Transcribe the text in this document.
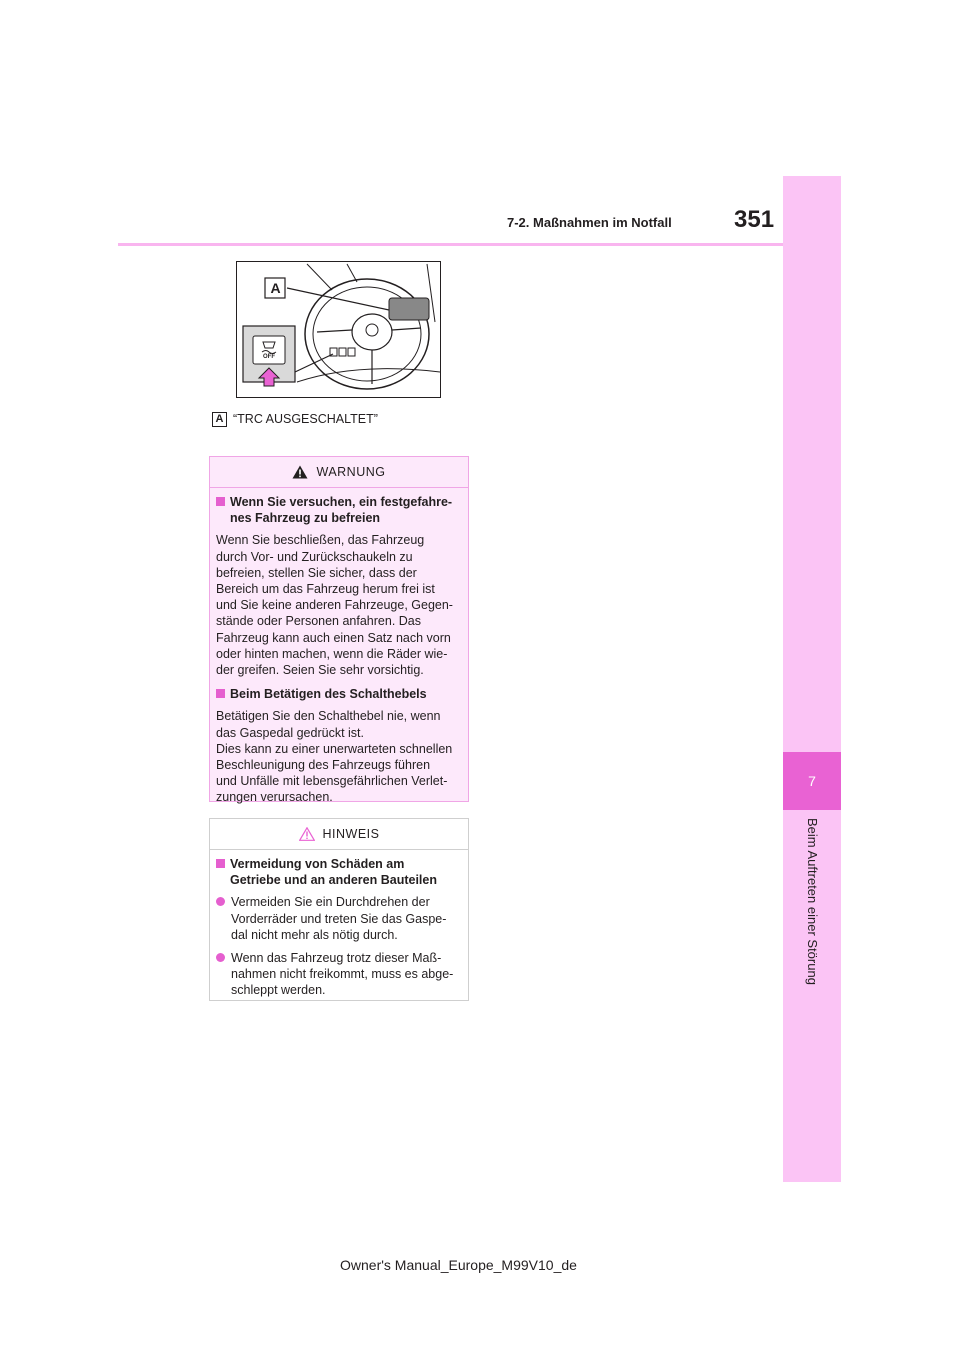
7-2. Maßnahmen im Notfall	351
7
Beim Auftreten einer Störung
A
OFF
A “TRC AUSGESCHALTET”
WARNUNG
Wenn Sie versuchen, ein festgefahre-
nes Fahrzeug zu befreien

Wenn Sie beschließen, das Fahrzeug
durch Vor- und Zurückschaukeln zu
befreien, stellen Sie sicher, dass der
Bereich um das Fahrzeug herum frei ist
und Sie keine anderen Fahrzeuge, Gegen-
stände oder Personen anfahren. Das
Fahrzeug kann auch einen Satz nach vorn
oder hinten machen, wenn die Räder wie-
der greifen. Seien Sie sehr vorsichtig.

Beim Betätigen des Schalthebels

Betätigen Sie den Schalthebel nie, wenn
das Gaspedal gedrückt ist.
Dies kann zu einer unerwarteten schnellen
Beschleunigung des Fahrzeugs führen
und Unfälle mit lebensgefährlichen Verlet-
zungen verursachen.

HINWEIS
Vermeidung von Schäden am
Getriebe und an anderen Bauteilen
Vermeiden Sie ein Durchdrehen der
Vorderräder und treten Sie das Gaspe-
dal nicht mehr als nötig durch.
Wenn das Fahrzeug trotz dieser Maß-
nahmen nicht freikommt, muss es abge-
schleppt werden.
Owner's Manual_Europe_M99V10_de
